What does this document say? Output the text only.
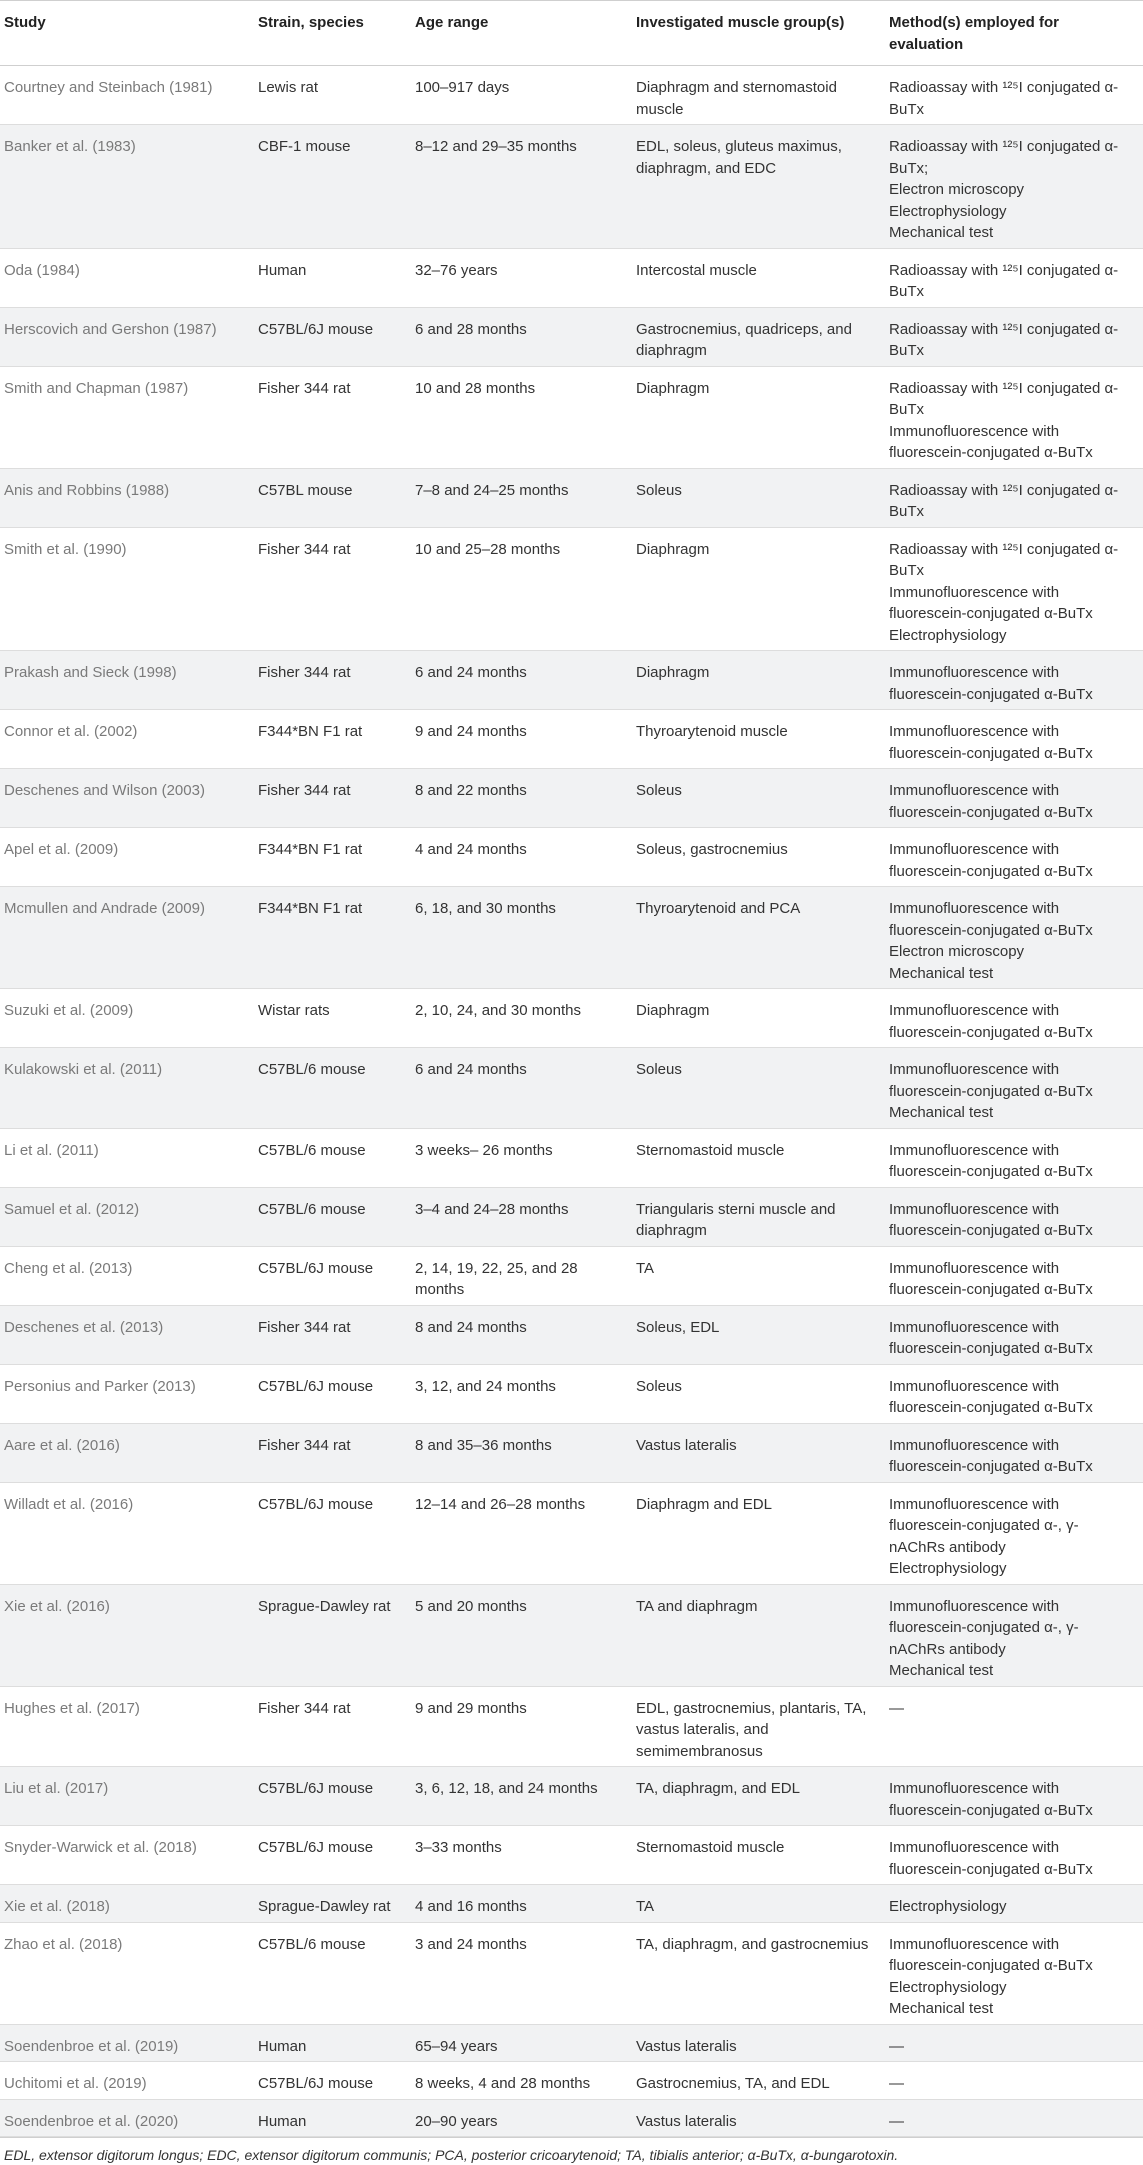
Study	Strain, species	Age range	Investigated muscle group(s)	Method(s) employed for evaluation
Courtney and Steinbach (1981)	Lewis rat	100–917 days	Diaphragm and sternomastoid muscle	Radioassay with ¹²⁵I conjugated α-BuTx

Banker et al. (1983)	CBF-1 mouse	8–12 and 29–35 months	EDL, soleus, gluteus maximus, diaphragm, and EDC	Radioassay with ¹²⁵I conjugated α-BuTx;
Electron microscopy
Electrophysiology
Mechanical test

Oda (1984)	Human	32–76 years	Intercostal muscle	Radioassay with ¹²⁵I conjugated α-BuTx

Herscovich and Gershon (1987)	C57BL/6J mouse	6 and 28 months	Gastrocnemius, quadriceps, and diaphragm	Radioassay with ¹²⁵I conjugated α-BuTx

Smith and Chapman (1987)	Fisher 344 rat	10 and 28 months	Diaphragm	Radioassay with ¹²⁵I conjugated α-BuTx
Immunofluorescence with fluorescein-conjugated α-BuTx

Anis and Robbins (1988)	C57BL mouse	7–8 and 24–25 months	Soleus	Radioassay with ¹²⁵I conjugated α-BuTx

Smith et al. (1990)	Fisher 344 rat	10 and 25–28 months	Diaphragm	Radioassay with ¹²⁵I conjugated α-BuTx
Immunofluorescence with fluorescein-conjugated α-BuTx
Electrophysiology

Prakash and Sieck (1998)	Fisher 344 rat	6 and 24 months	Diaphragm	Immunofluorescence with fluorescein-conjugated α-BuTx

Connor et al. (2002)	F344*BN F1 rat	9 and 24 months	Thyroarytenoid muscle	Immunofluorescence with fluorescein-conjugated α-BuTx

Deschenes and Wilson (2003)	Fisher 344 rat	8 and 22 months	Soleus	Immunofluorescence with fluorescein-conjugated α-BuTx

Apel et al. (2009)	F344*BN F1 rat	4 and 24 months	Soleus, gastrocnemius	Immunofluorescence with fluorescein-conjugated α-BuTx

Mcmullen and Andrade (2009)	F344*BN F1 rat	6, 18, and 30 months	Thyroarytenoid and PCA	Immunofluorescence with fluorescein-conjugated α-BuTx
Electron microscopy
Mechanical test

Suzuki et al. (2009)	Wistar rats	2, 10, 24, and 30 months	Diaphragm	Immunofluorescence with fluorescein-conjugated α-BuTx

Kulakowski et al. (2011)	C57BL/6 mouse	6 and 24 months	Soleus	Immunofluorescence with fluorescein-conjugated α-BuTx
Mechanical test

Li et al. (2011)	C57BL/6 mouse	3 weeks– 26 months	Sternomastoid muscle	Immunofluorescence with fluorescein-conjugated α-BuTx

Samuel et al. (2012)	C57BL/6 mouse	3–4 and 24–28 months	Triangularis sterni muscle and diaphragm	Immunofluorescence with fluorescein-conjugated α-BuTx

Cheng et al. (2013)	C57BL/6J mouse	2, 14, 19, 22, 25, and 28 months	TA	Immunofluorescence with fluorescein-conjugated α-BuTx

Deschenes et al. (2013)	Fisher 344 rat	8 and 24 months	Soleus, EDL	Immunofluorescence with fluorescein-conjugated α-BuTx

Personius and Parker (2013)	C57BL/6J mouse	3, 12, and 24 months	Soleus	Immunofluorescence with fluorescein-conjugated α-BuTx

Aare et al. (2016)	Fisher 344 rat	8 and 35–36 months	Vastus lateralis	Immunofluorescence with fluorescein-conjugated α-BuTx

Willadt et al. (2016)	C57BL/6J mouse	12–14 and 26–28 months	Diaphragm and EDL	Immunofluorescence with fluorescein-conjugated α-, γ- nAChRs antibody
Electrophysiology

Xie et al. (2016)	Sprague-Dawley rat	5 and 20 months	TA and diaphragm	Immunofluorescence with fluorescein-conjugated α-, γ- nAChRs antibody
Mechanical test

Hughes et al. (2017)	Fisher 344 rat	9 and 29 months	EDL, gastrocnemius, plantaris, TA, vastus lateralis, and semimembranosus	—

Liu et al. (2017)	C57BL/6J mouse	3, 6, 12, 18, and 24 months	TA, diaphragm, and EDL	Immunofluorescence with fluorescein-conjugated α-BuTx

Snyder-Warwick et al. (2018)	C57BL/6J mouse	3–33 months	Sternomastoid muscle	Immunofluorescence with fluorescein-conjugated α-BuTx

Xie et al. (2018)	Sprague-Dawley rat	4 and 16 months	TA	Electrophysiology

Zhao et al. (2018)	C57BL/6 mouse	3 and 24 months	TA, diaphragm, and gastrocnemius	Immunofluorescence with fluorescein-conjugated α-BuTx
Electrophysiology
Mechanical test

Soendenbroe et al. (2019)	Human	65–94 years	Vastus lateralis	—

Uchitomi et al. (2019)	C57BL/6J mouse	8 weeks, 4 and 28 months	Gastrocnemius, TA, and EDL	—

Soendenbroe et al. (2020)	Human	20–90 years	Vastus lateralis	—
EDL, extensor digitorum longus; EDC, extensor digitorum communis; PCA, posterior cricoarytenoid; TA, tibialis anterior; α-BuTx, α-bungarotoxin.
